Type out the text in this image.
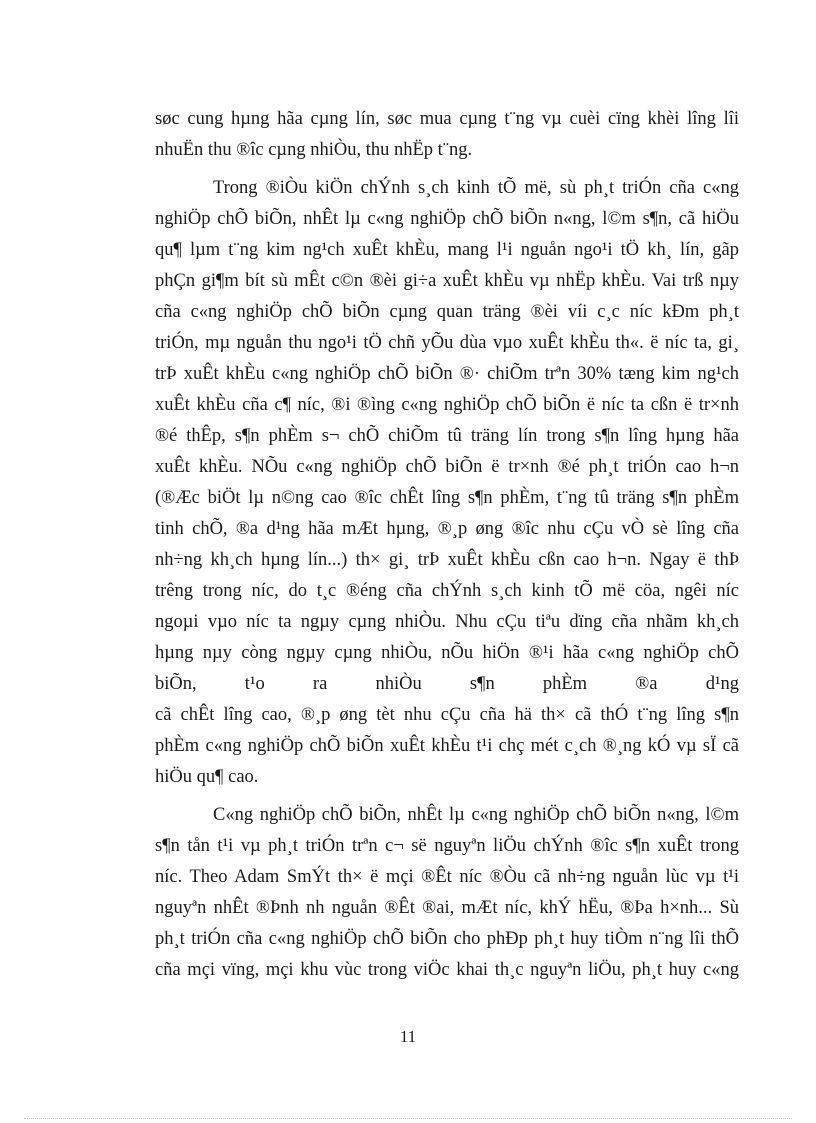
søc cung hµng hãa cµng lín, søc mua cµng t¨ng vµ cuèi cïng khèi lîng lîi
nhuËn thu ®îc cµng nhiÒu, thu nhËp t¨ng.
Trong ®iÒu kiÖn chÝnh s¸ch kinh tÕ më, sù ph¸t triÓn cña c«ng
nghiÖp chÕ biÕn, nhÊt lµ c«ng nghiÖp chÕ biÕn n«ng, l©m s¶n, cã hiÖu
qu¶ lµm t¨ng kim ng¹ch xuÊt khÈu, mang l¹i nguån ngo¹i tÖ kh¸ lín, gãp
phÇn gi¶m bít sù mÊt c©n ®èi gi÷a xuÊt khÈu vµ nhËp khÈu. Vai trß nµy
cña c«ng nghiÖp chÕ biÕn cµng quan träng ®èi víi c¸c níc kÐm ph¸t
triÓn, mµ nguån thu ngo¹i tÖ chñ yÕu dùa vµo xuÊt khÈu th«. ë níc ta, gi¸
trÞ xuÊt khÈu c«ng nghiÖp chÕ biÕn ®· chiÕm trªn 30% tæng kim ng¹ch
xuÊt khÈu cña c¶ níc, ®i ®ìng c«ng nghiÖp chÕ biÕn ë níc ta cßn ë tr×nh
®é thÊp, s¶n phÈm s¬ chÕ chiÕm tû träng lín trong s¶n lîng hµng hãa
xuÊt khÈu. NÕu c«ng nghiÖp chÕ biÕn ë tr×nh ®é ph¸t triÓn cao h¬n
(®Æc biÖt lµ n©ng cao ®îc chÊt lîng s¶n phÈm, t¨ng tû träng s¶n phÈm
tinh chÕ, ®a d¹ng hãa mÆt hµng, ®¸p øng ®îc nhu cÇu vÒ sè lîng cña
nh÷ng kh¸ch hµng lín...) th× gi¸ trÞ xuÊt khÈu cßn cao h¬n. Ngay ë thÞ
trêng trong níc, do t¸c ®éng cña chÝnh s¸ch kinh tÕ më cöa, ngêi níc
ngoµi vµo níc ta ngµy cµng nhiÒu. Nhu cÇu tiªu dïng cña nhãm kh¸ch
hµng nµy còng ngµy cµng nhiÒu, nÕu hiÖn ®¹i hãa c«ng nghiÖp chÕ
biÕn, t¹o ra nhiÒu s¶n phÈm ®a d¹ng
cã chÊt lîng cao, ®¸p øng tèt nhu cÇu cña hä th× cã thÓ t¨ng lîng s¶n
phÈm c«ng nghiÖp chÕ biÕn xuÊt khÈu t¹i chç mét c¸ch ®¸ng kÓ vµ sÏ cã
hiÖu qu¶ cao.
C«ng nghiÖp chÕ biÕn, nhÊt lµ c«ng nghiÖp chÕ biÕn n«ng, l©m
s¶n tån t¹i vµ ph¸t triÓn trªn c¬ së nguyªn liÖu chÝnh ®îc s¶n xuÊt trong
níc. Theo Adam SmÝt th× ë mçi ®Êt níc ®Òu cã nh÷ng nguån lùc vµ t¹i
nguyªn nhÊt ®Þnh nh nguån ®Êt ®ai, mÆt níc, khÝ hËu, ®Þa h×nh... Sù
ph¸t triÓn cña c«ng nghiÖp chÕ biÕn cho phÐp ph¸t huy tiÒm n¨ng lîi thÕ
cña mçi vïng, mçi khu vùc trong viÖc khai th¸c nguyªn liÖu, ph¸t huy c«ng
11
